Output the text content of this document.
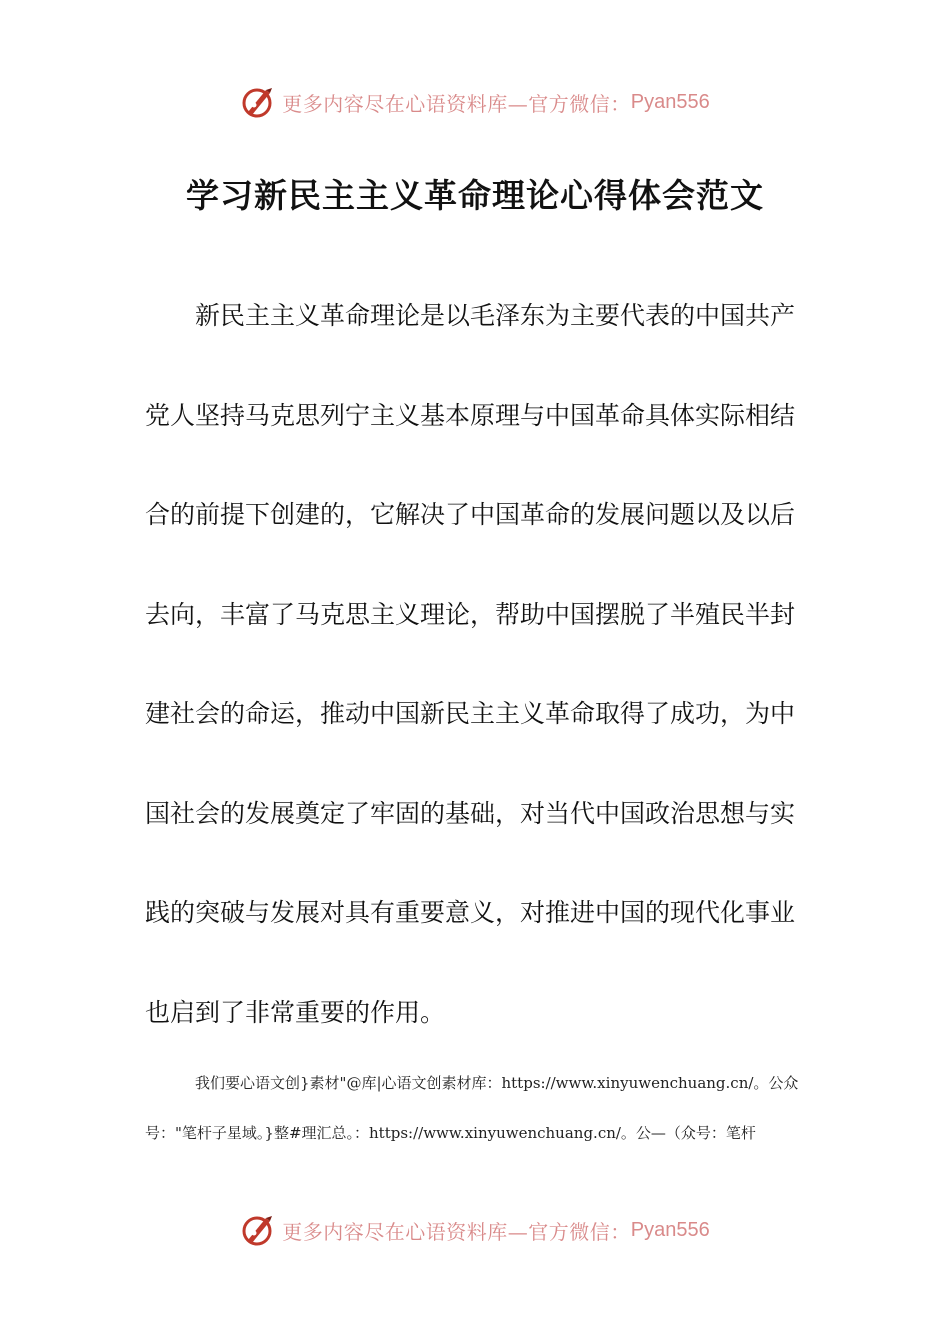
更多内容尽在心语资料库—官方微信： Pyan556
学习新民主主义革命理论心得体会范文

新民主主义革命理论是以毛泽东为主要代表的中国共产党人坚持马克思列宁主义基本原理与中国革命具体实际相结合的前提下创建的，它解决了中国革命的发展问题以及以后去向，丰富了马克思主义理论，帮助中国摆脱了半殖民半封建社会的命运，推动中国新民主主义革命取得了成功，为中国社会的发展奠定了牢固的基础，对当代中国政治思想与实践的突破与发展对具有重要意义，对推进中国的现代化事业也启到了非常重要的作用。

我们要心语文创}素材"@库|心语文创素材库：https://www.xinyuwenchuang.cn/。公众号："笔杆子星域。}整#理汇总。：https://www.xinyuwenchuang.cn/。公—（众号：笔杆

更多内容尽在心语资料库—官方微信： Pyan556
